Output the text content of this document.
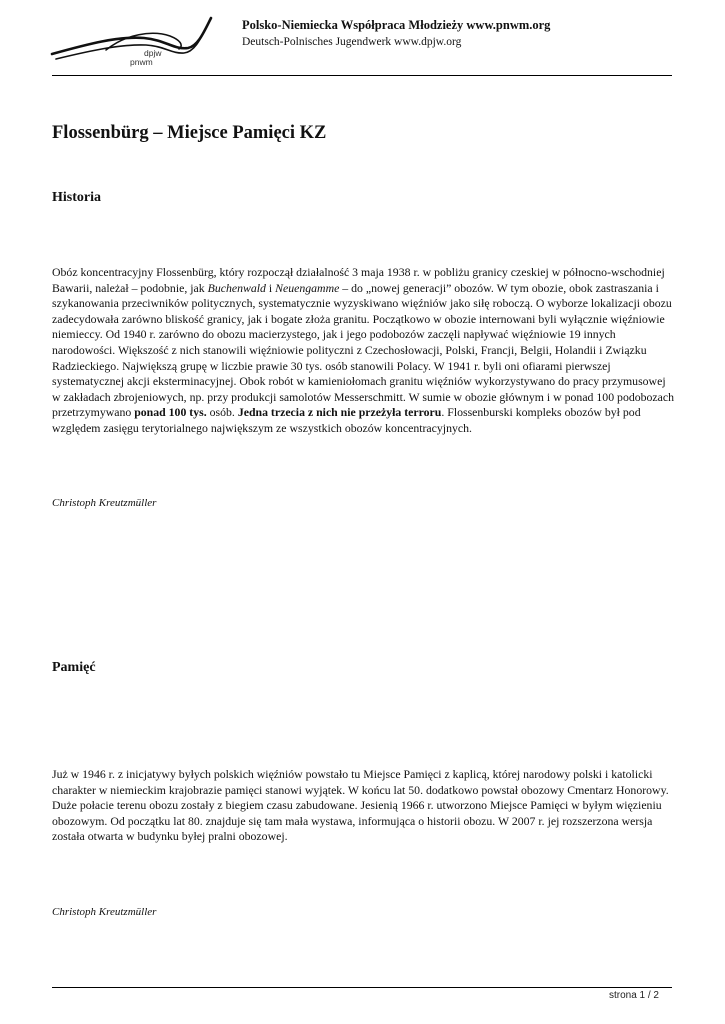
dpjw
pnwm
Polsko-Niemiecka Współpraca Młodzieży www.pnwm.org
Deutsch-Polnisches Jugendwerk www.dpjw.org
Flossenbürg – Miejsce Pamięci KZ
Historia

Obóz koncentracyjny Flossenbürg, który rozpoczął działalność 3 maja 1938 r. w pobliżu granicy czeskiej w północno-wschodniej Bawarii, należał – podobnie, jak Buchenwald i Neuengamme – do „nowej generacji” obozów. W tym obozie, obok zastraszania i szykanowania przeciwników politycznych, systematycznie wyzyskiwano więźniów jako siłę roboczą. O wyborze lokalizacji obozu zadecydowała zarówno bliskość granicy, jak i bogate złoża granitu. Początkowo w obozie internowani byli wyłącznie więźniowie niemieccy. Od 1940 r. zarówno do obozu macierzystego, jak i jego podobozów zaczęli napływać więźniowie 19 innych narodowości. Większość z nich stanowili więźniowie polityczni z Czechosłowacji, Polski, Francji, Belgii, Holandii i Związku Radzieckiego. Największą grupę w liczbie prawie 30 tys. osób stanowili Polacy. W 1941 r. byli oni ofiarami pierwszej systematycznej akcji eksterminacyjnej. Obok robót w kamieniołomach granitu więźniów wykorzystywano do pracy przymusowej w zakładach zbrojeniowych, np. przy produkcji samolotów Messerschmitt. W sumie w obozie głównym i w ponad 100 podobozach przetrzymywano ponad 100 tys. osób. Jedna trzecia z nich nie przeżyła terroru. Flossenburski kompleks obozów był pod względem zasięgu terytorialnego największym ze wszystkich obozów koncentracyjnych.

Christoph Kreutzmüller

Pamięć

Już w 1946 r. z inicjatywy byłych polskich więźniów powstało tu Miejsce Pamięci z kaplicą, której narodowy polski i katolicki charakter w niemieckim krajobrazie pamięci stanowi wyjątek. W końcu lat 50. dodatkowo powstał obozowy Cmentarz Honorowy. Duże połacie terenu obozu zostały z biegiem czasu zabudowane. Jesienią 1966 r. utworzono Miejsce Pamięci w byłym więzieniu obozowym. Od początku lat 80. znajduje się tam mała wystawa, informująca o historii obozu. W 2007 r. jej rozszerzona wersja została otwarta w budynku byłej pralni obozowej.

Christoph Kreutzmüller

strona 1 / 2
